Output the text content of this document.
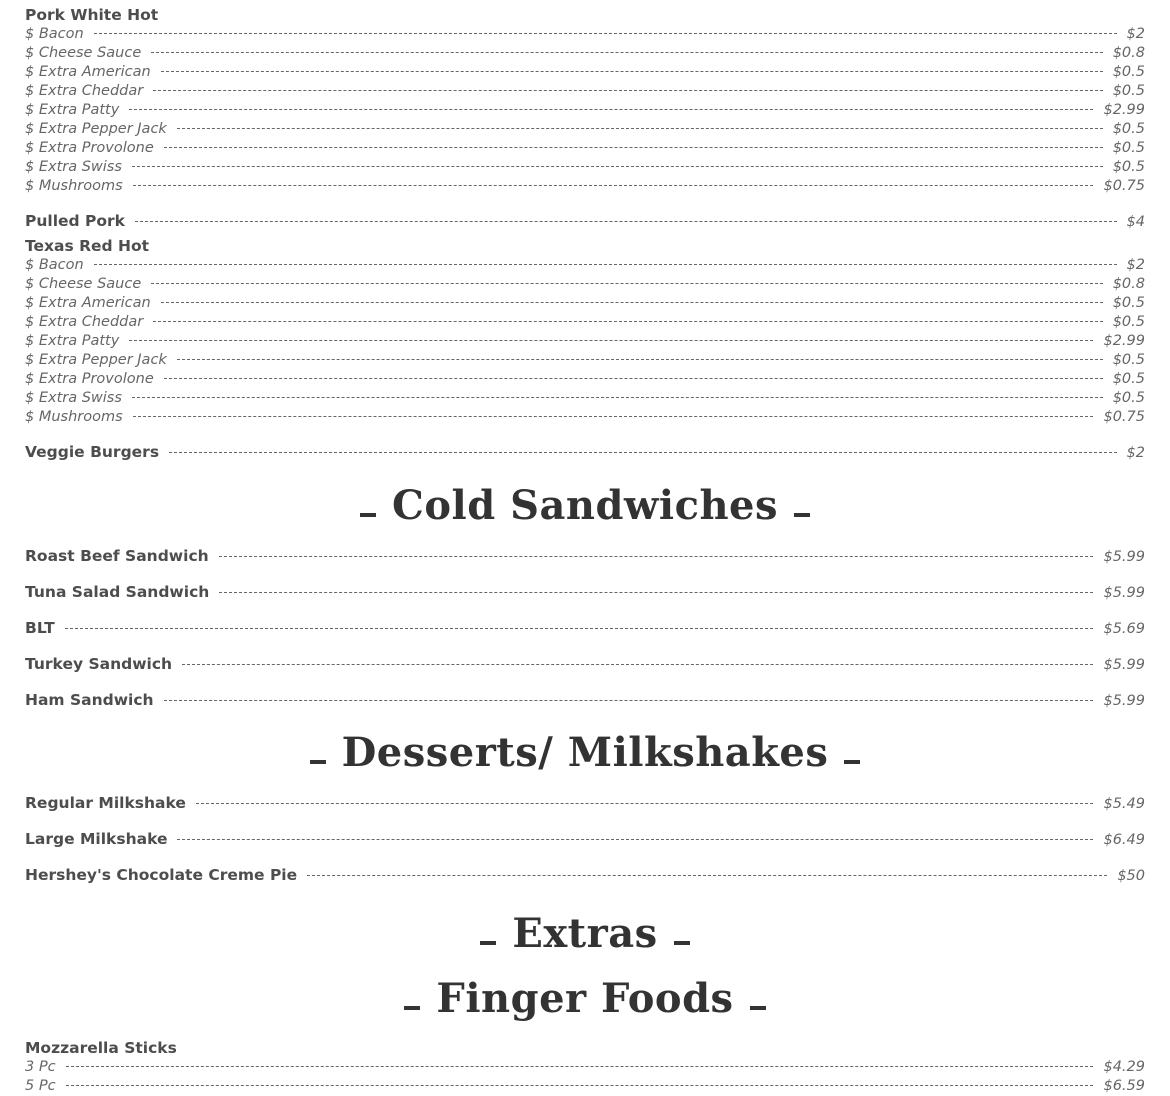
Pork White Hot
$ Bacon	$2
$ Cheese Sauce	$0.8
$ Extra American	$0.5
$ Extra Cheddar	$0.5
$ Extra Patty	$2.99
$ Extra Pepper Jack	$0.5
$ Extra Provolone	$0.5
$ Extra Swiss	$0.5
$ Mushrooms	$0.75
Pulled Pork	$4
Texas Red Hot
$ Bacon	$2
$ Cheese Sauce	$0.8
$ Extra American	$0.5
$ Extra Cheddar	$0.5
$ Extra Patty	$2.99
$ Extra Pepper Jack	$0.5
$ Extra Provolone	$0.5
$ Extra Swiss	$0.5
$ Mushrooms	$0.75
Veggie Burgers	$2
Cold Sandwiches
Roast Beef Sandwich	$5.99
Tuna Salad Sandwich	$5.99
BLT	$5.69
Turkey Sandwich	$5.99
Ham Sandwich	$5.99
Desserts/ Milkshakes
Regular Milkshake	$5.49
Large Milkshake	$6.49
Hershey's Chocolate Creme Pie	$50
Extras
Finger Foods
Mozzarella Sticks
3 Pc	$4.29
5 Pc	$6.59
